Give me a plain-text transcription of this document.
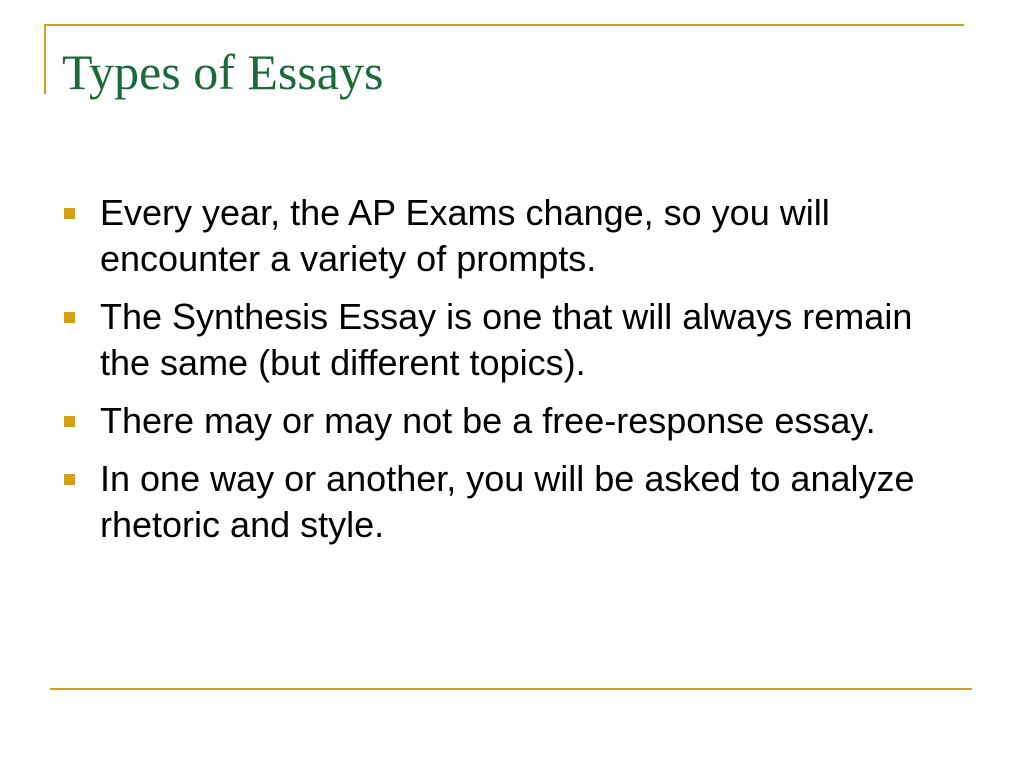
Types of Essays
Every year, the AP Exams change, so you will encounter a variety of prompts.
The Synthesis Essay is one that will always remain the same (but different topics).
There may or may not be a free-response essay.
In one way or another, you will be asked to analyze rhetoric and style.
